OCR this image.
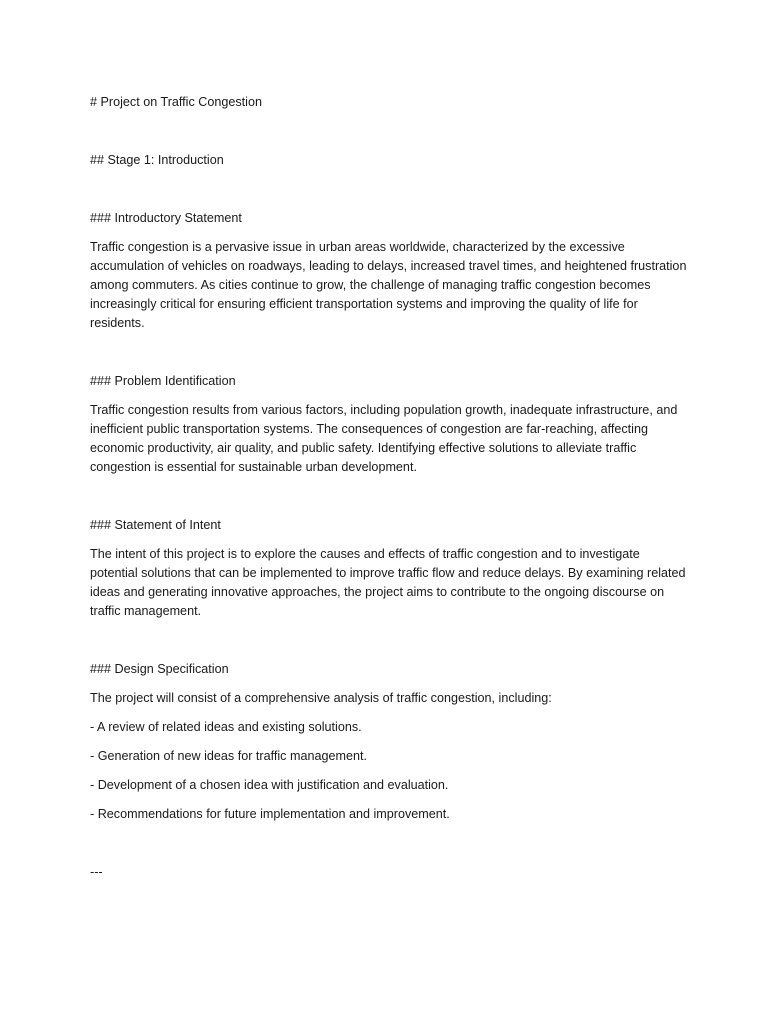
# Project on Traffic Congestion

## Stage 1: Introduction

### Introductory Statement

Traffic congestion is a pervasive issue in urban areas worldwide, characterized by the excessive accumulation of vehicles on roadways, leading to delays, increased travel times, and heightened frustration among commuters. As cities continue to grow, the challenge of managing traffic congestion becomes increasingly critical for ensuring efficient transportation systems and improving the quality of life for residents.

### Problem Identification

Traffic congestion results from various factors, including population growth, inadequate infrastructure, and inefficient public transportation systems. The consequences of congestion are far-reaching, affecting economic productivity, air quality, and public safety. Identifying effective solutions to alleviate traffic congestion is essential for sustainable urban development.

### Statement of Intent

The intent of this project is to explore the causes and effects of traffic congestion and to investigate potential solutions that can be implemented to improve traffic flow and reduce delays. By examining related ideas and generating innovative approaches, the project aims to contribute to the ongoing discourse on traffic management.

### Design Specification

The project will consist of a comprehensive analysis of traffic congestion, including:

- A review of related ideas and existing solutions.

- Generation of new ideas for traffic management.

- Development of a chosen idea with justification and evaluation.

- Recommendations for future implementation and improvement.

---
